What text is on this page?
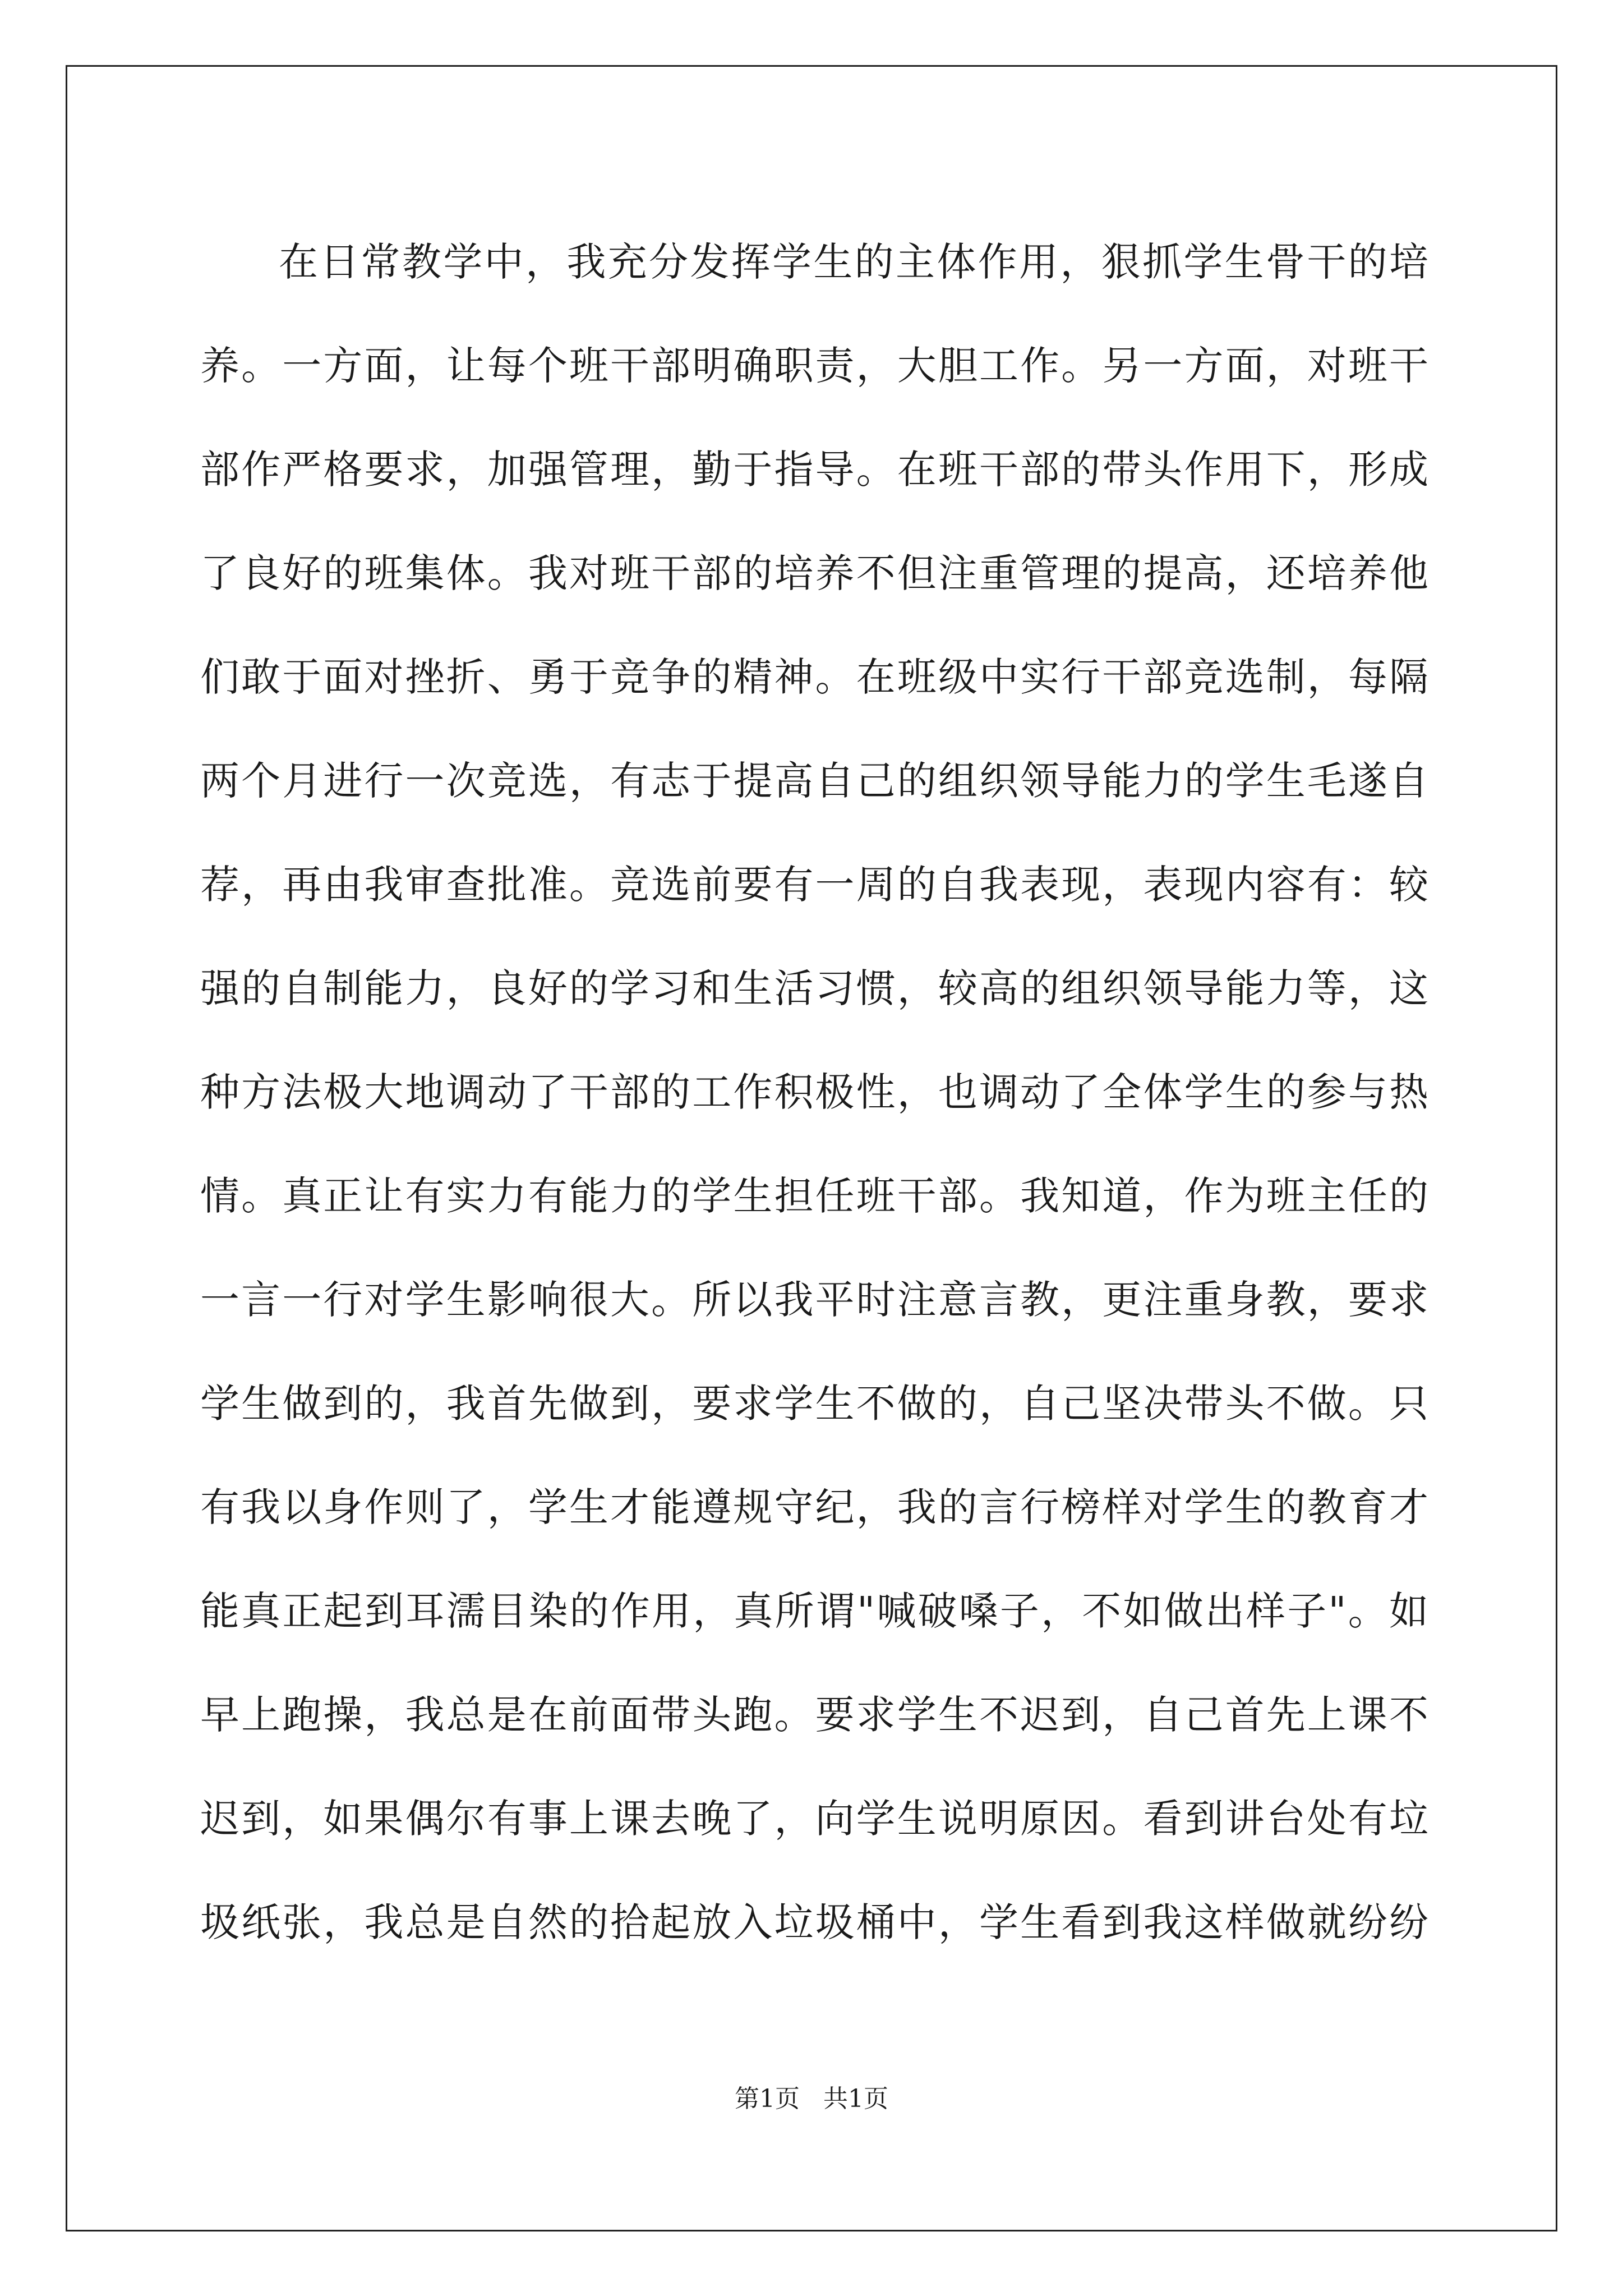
在日常教学中，我充分发挥学生的主体作用，狠抓学生骨干的培
养。一方面，让每个班干部明确职责，大胆工作。另一方面，对班干
部作严格要求，加强管理，勤于指导。在班干部的带头作用下，形成
了良好的班集体。我对班干部的培养不但注重管理的提高，还培养他
们敢于面对挫折、勇于竞争的精神。在班级中实行干部竞选制，每隔
两个月进行一次竞选，有志于提高自己的组织领导能力的学生毛遂自
荐，再由我审查批准。竞选前要有一周的自我表现，表现内容有：较
强的自制能力，良好的学习和生活习惯，较高的组织领导能力等，这
种方法极大地调动了干部的工作积极性，也调动了全体学生的参与热
情。真正让有实力有能力的学生担任班干部。我知道，作为班主任的
一言一行对学生影响很大。所以我平时注意言教，更注重身教，要求
学生做到的，我首先做到，要求学生不做的，自己坚决带头不做。只
有我以身作则了，学生才能遵规守纪，我的言行榜样对学生的教育才
能真正起到耳濡目染的作用，真所谓"喊破嗓子，不如做出样子"。如
早上跑操，我总是在前面带头跑。要求学生不迟到，自己首先上课不
迟到，如果偶尔有事上课去晚了，向学生说明原因。看到讲台处有垃
圾纸张，我总是自然的拾起放入垃圾桶中，学生看到我这样做就纷纷
第1页   共1页
